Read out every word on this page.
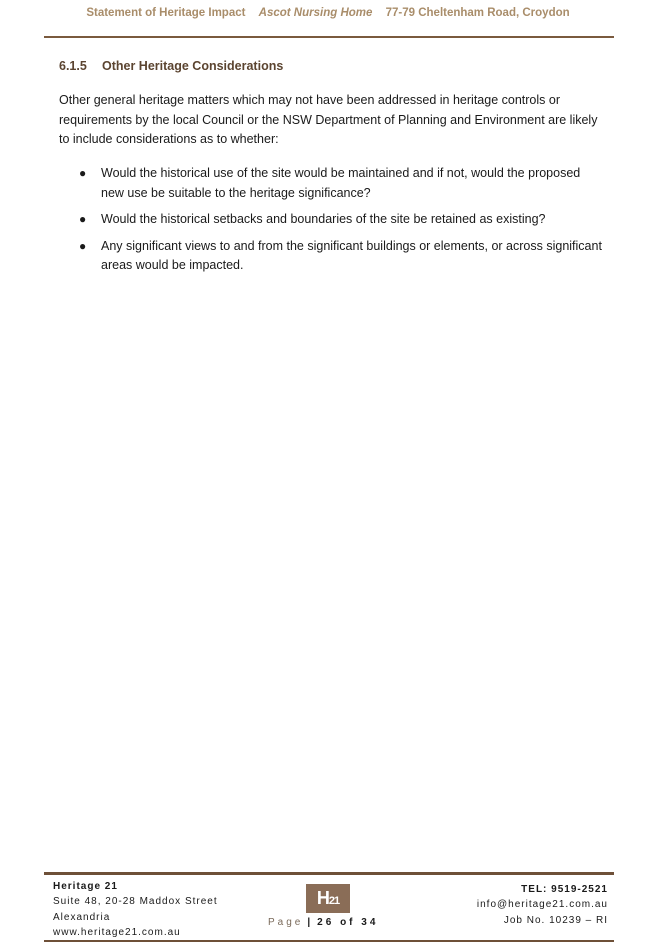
Statement of Heritage Impact Ascot Nursing Home 77-79 Cheltenham Road, Croydon
6.1.5 Other Heritage Considerations

Other general heritage matters which may not have been addressed in heritage controls or requirements by the local Council or the NSW Department of Planning and Environment are likely to include considerations as to whether:

● Would the historical use of the site would be maintained and if not, would the proposed new use be suitable to the heritage significance?
● Would the historical setbacks and boundaries of the site be retained as existing?
● Any significant views to and from the significant buildings or elements, or across significant areas would be impacted.
Heritage 21
Suite 48, 20-28 Maddox Street
Alexandria
www.heritage21.com.au
H21
Page | 26 of 34
TEL: 9519-2521
info@heritage21.com.au
Job No. 10239 – RI
